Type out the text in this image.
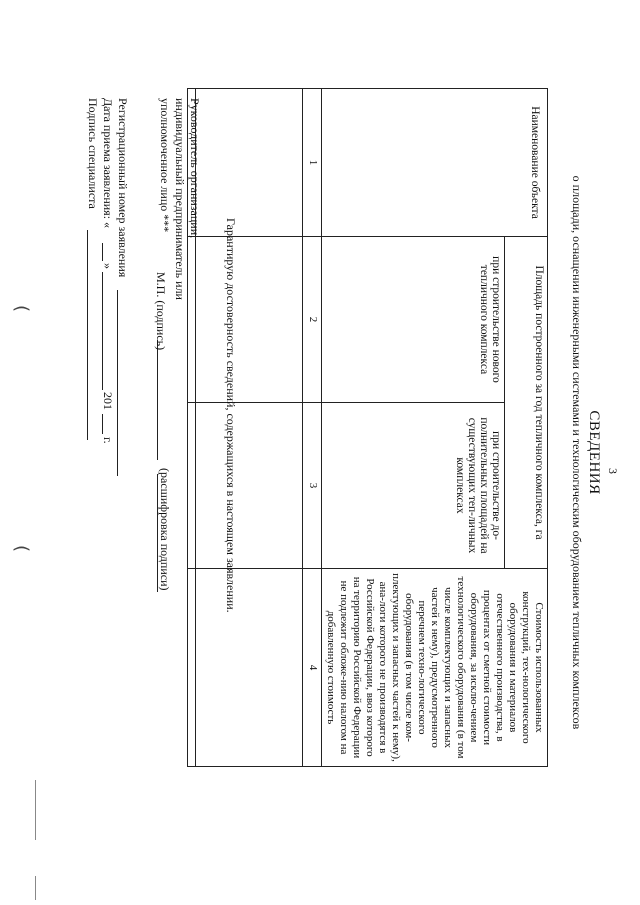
3
СВЕДЕНИЯ
о площади, оснащении инженерными системами и технологическим оборудованием тепличных комплексов
Наименование объекта	Площадь построенного за год тепличного комплекса, га		Стоимость использованных конструкций, тех-нологического оборудования и материалов отечественного производства, в процентах от сметной стоимости оборудования, за исклю-чением технологического оборудования (в том числе комплектующих и запасных частей к нему), предусмотренного перечнем техно-логического оборудования (в том числе ком-плектующих и запасных частей к нему), ана-логи которого не производятся в Российской Федерации, ввоз которого на территорию Российской Федерации не подлежит обложе-нию налогом на добавленную стоимость
	при строительстве нового тепличного комплекса	при строительстве до-полнительных площадей на существующих теп-личных комплексах	
1	2	3	4

Гарантирую достоверность сведений, содержащихся в настоящем заявлении.
Руководитель организации,
индивидуальный предприниматель или
уполномоченное лицо ***
М.П. (подпись)
(расшифровка подписи)
Регистрационный номер заявления
Дата приема заявления: «
»
201
г.
Подпись специалиста
(
(
